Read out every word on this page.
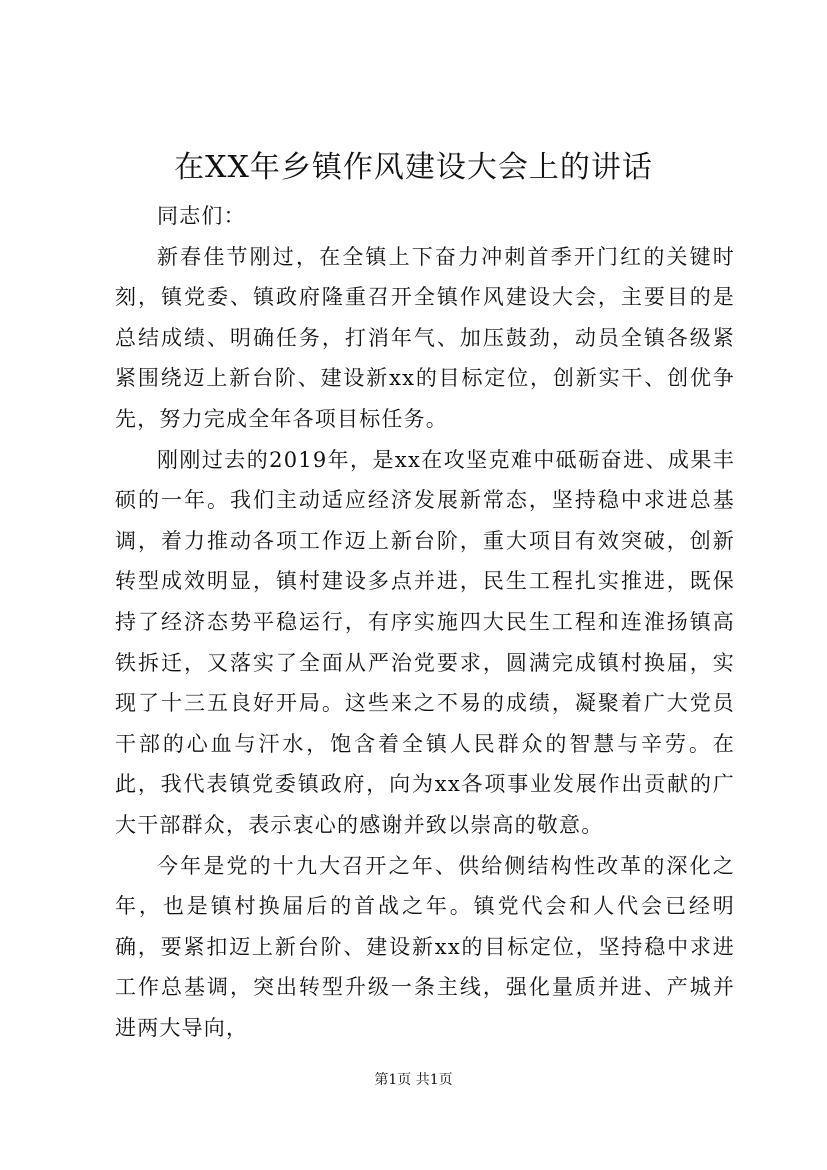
在XX年乡镇作风建设大会上的讲话

同志们：

新春佳节刚过，在全镇上下奋力冲刺首季开门红的关键时刻，镇党委、镇政府隆重召开全镇作风建设大会，主要目的是总结成绩、明确任务，打消年气、加压鼓劲，动员全镇各级紧紧围绕迈上新台阶、建设新xx的目标定位，创新实干、创优争先，努力完成全年各项目标任务。

刚刚过去的2019年，是xx在攻坚克难中砥砺奋进、成果丰硕的一年。我们主动适应经济发展新常态，坚持稳中求进总基调，着力推动各项工作迈上新台阶，重大项目有效突破，创新转型成效明显，镇村建设多点并进，民生工程扎实推进，既保持了经济态势平稳运行，有序实施四大民生工程和连淮扬镇高铁拆迁，又落实了全面从严治党要求，圆满完成镇村换届，实现了十三五良好开局。这些来之不易的成绩，凝聚着广大党员干部的心血与汗水，饱含着全镇人民群众的智慧与辛劳。在此，我代表镇党委镇政府，向为xx各项事业发展作出贡献的广大干部群众，表示衷心的感谢并致以崇高的敬意。

今年是党的十九大召开之年、供给侧结构性改革的深化之年，也是镇村换届后的首战之年。镇党代会和人代会已经明确，要紧扣迈上新台阶、建设新xx的目标定位，坚持稳中求进工作总基调，突出转型升级一条主线，强化量质并进、产城并进两大导向，

第1页 共1页
